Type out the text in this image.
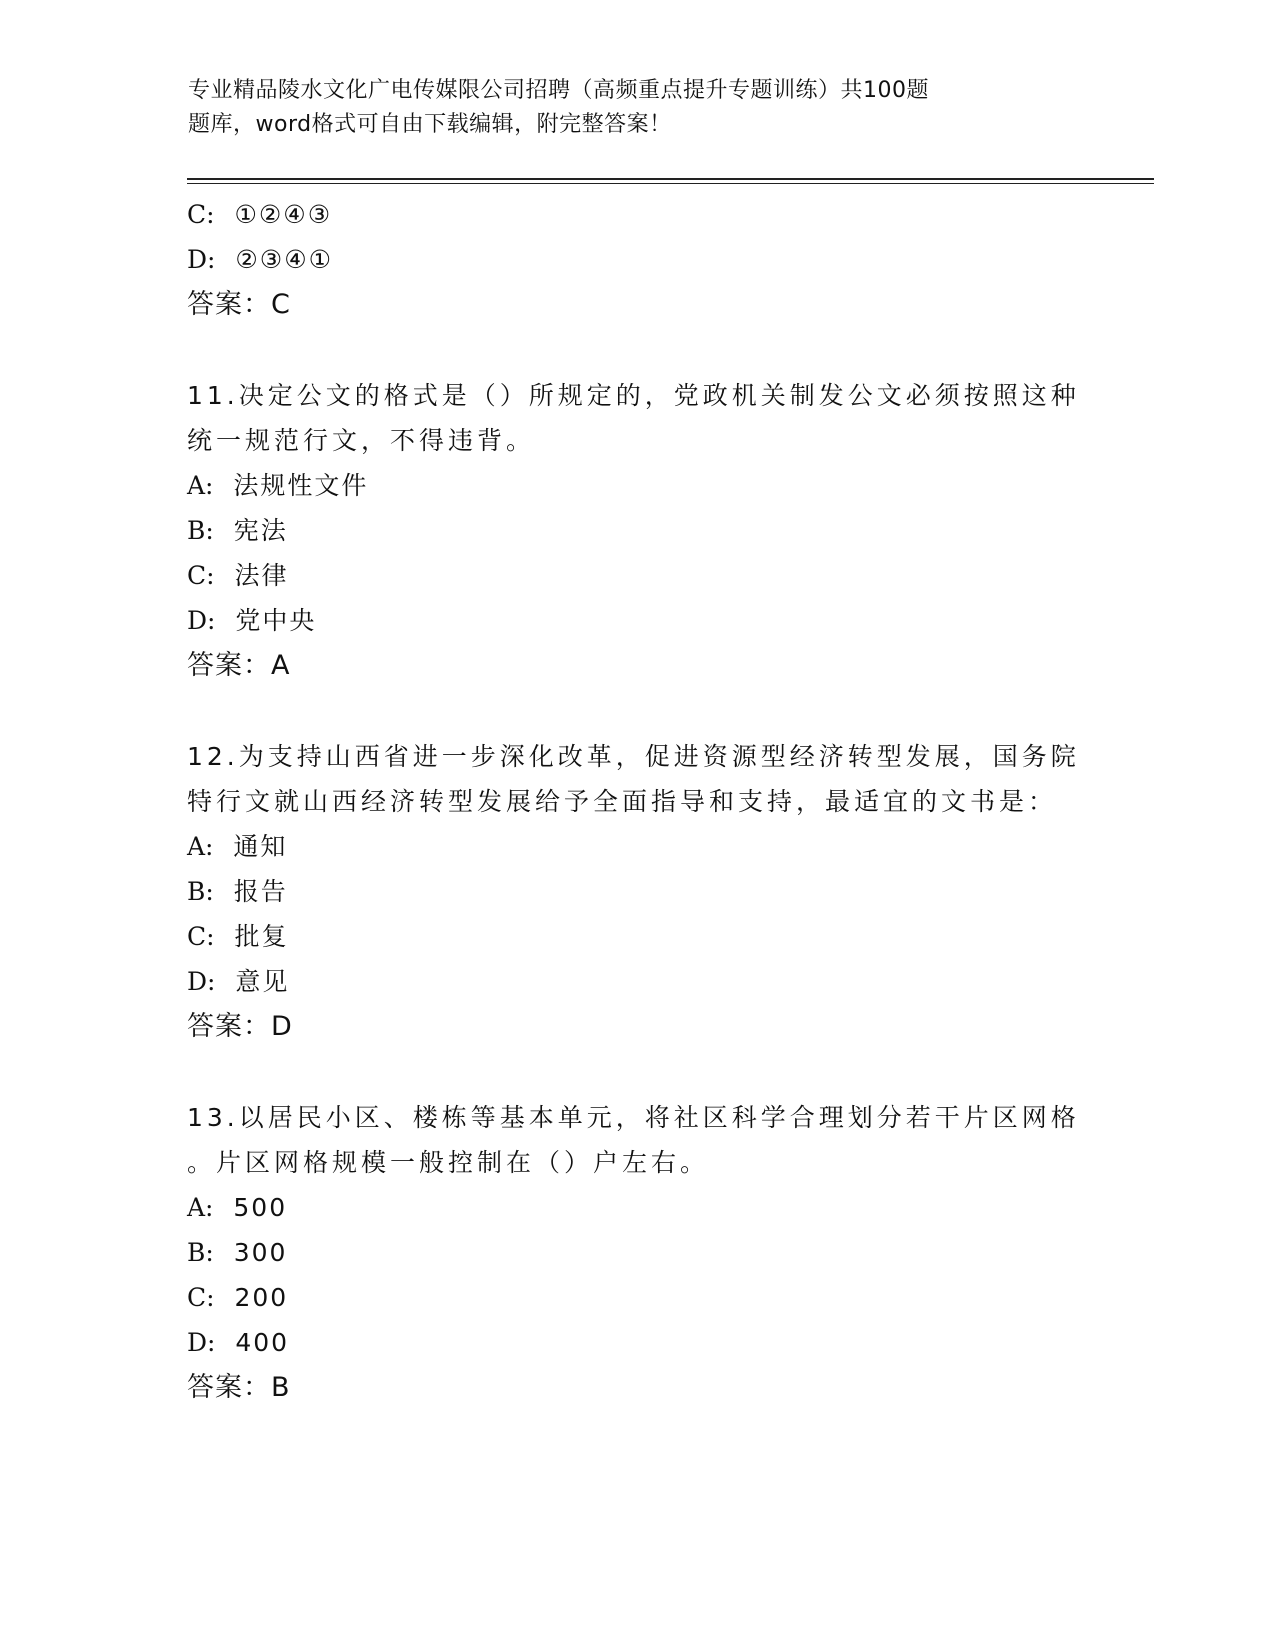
专业精品陵水文化广电传媒限公司招聘（高频重点提升专题训练）共100题
题库，word格式可自由下载编辑，附完整答案！
C: ①②④③
D: ②③④①
答案：C
11.决定公文的格式是（）所规定的，党政机关制发公文必须按照这种
统一规范行文，不得违背。
A: 法规性文件
B: 宪法
C: 法律
D: 党中央
答案：A
12.为支持山西省进一步深化改革，促进资源型经济转型发展，国务院
特行文就山西经济转型发展给予全面指导和支持，最适宜的文书是：
A: 通知
B: 报告
C: 批复
D: 意见
答案：D
13.以居民小区、楼栋等基本单元，将社区科学合理划分若干片区网格
。片区网格规模一般控制在（）户左右。
A: 500
B: 300
C: 200
D: 400
答案：B
